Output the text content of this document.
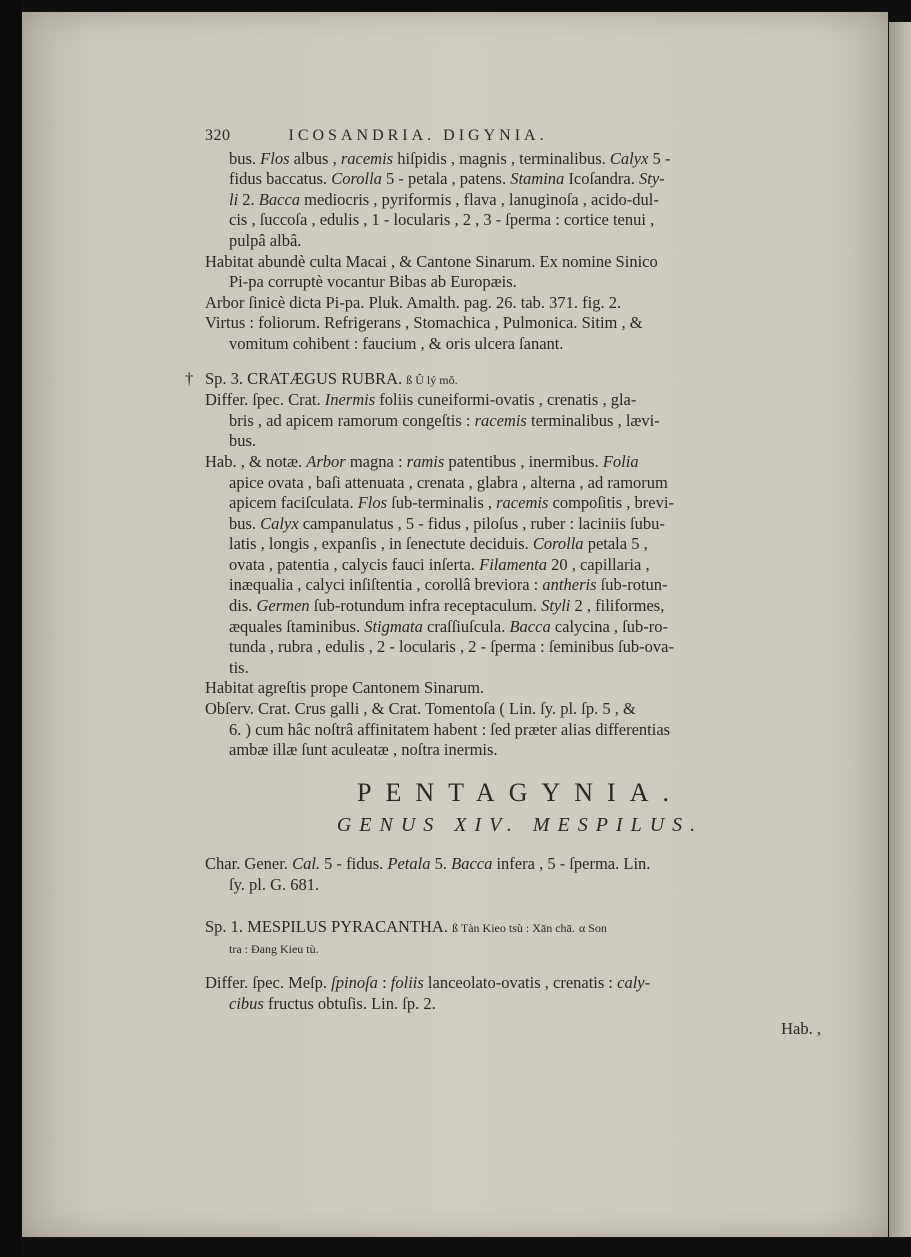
320	ICOSANDRIA. DIGYNIA.
bus. Flos albus , racemis hiſpidis , magnis , terminalibus. Calyx 5 -
fidus baccatus. Corolla 5 - petala , patens. Stamina Icoſandra. Sty-
li 2. Bacca mediocris , pyriformis , flava , lanuginoſa , acido-dul-
cis , ſuccoſa , edulis , 1 - locularis , 2 , 3 - ſperma : cortice tenui ,
pulpâ albâ.
Habitat abundè culta Macai , & Cantone Sinarum. Ex nomine Sinico
Pi-pa corruptè vocantur Bibas ab Europæis.
Arbor ſinicè dicta Pi-pa. Pluk. Amalth. pag. 26. tab. 371. fig. 2.
Virtus : foliorum. Refrigerans , Stomachica , Pulmonica. Sitim , &
vomitum cohibent : faucium , & oris ulcera ſanant.
† Sp. 3. CRATÆGUS RUBRA. ß Û lý mŏ.
Differ. ſpec. Crat. Inermis foliis cuneiformi-ovatis , crenatis , gla-
bris , ad apicem ramorum congeſtis : racemis terminalibus , lævi-
bus.
Hab. , & notæ. Arbor magna : ramis patentibus , inermibus. Folia
apice ovata , baſi attenuata , crenata , glabra , alterna , ad ramorum
apicem faciſculata. Flos ſub-terminalis , racemis compoſitis , brevi-
bus. Calyx campanulatus , 5 - fidus , piloſus , ruber : laciniis ſubu-
latis , longis , expanſis , in ſenectute deciduis. Corolla petala 5 ,
ovata , patentia , calycis fauci inſerta. Filamenta 20 , capillaria ,
inæqualia , calyci inſiſtentia , corollâ breviora : antheris ſub-rotun-
dis. Germen ſub-rotundum infra receptaculum. Styli 2 , filiformes,
æquales ſtaminibus. Stigmata craſſiuſcula. Bacca calycina , ſub-ro-
tunda , rubra , edulis , 2 - locularis , 2 - ſperma : ſeminibus ſub-ova-
tis.
Habitat agreſtis prope Cantonem Sinarum.
Obſerv. Crat. Crus galli , & Crat. Tomentoſa ( Lin. ſy. pl. ſp. 5 , &
6. ) cum hâc noſtrâ affinitatem habent : ſed præter alias differentias
ambæ illæ ſunt aculeatæ , noſtra inermis.
PENTAGYNIA.
GENUS XIV. MESPILUS.
Char. Gener. Cal. 5 - fidus. Petala 5. Bacca infera , 5 - ſperma. Lin.
ſy. pl. G. 681.
Sp. 1. MESPILUS PYRACANTHA. ß Tàn Kieo tsù : Xān chā. α Son
tra : Ðang Kieu tù.
Differ. ſpec. Meſp. ſpinoſa : foliis lanceolato-ovatis , crenatis : caly-
cibus fructus obtuſis. Lin. ſp. 2.
Hab. ,
